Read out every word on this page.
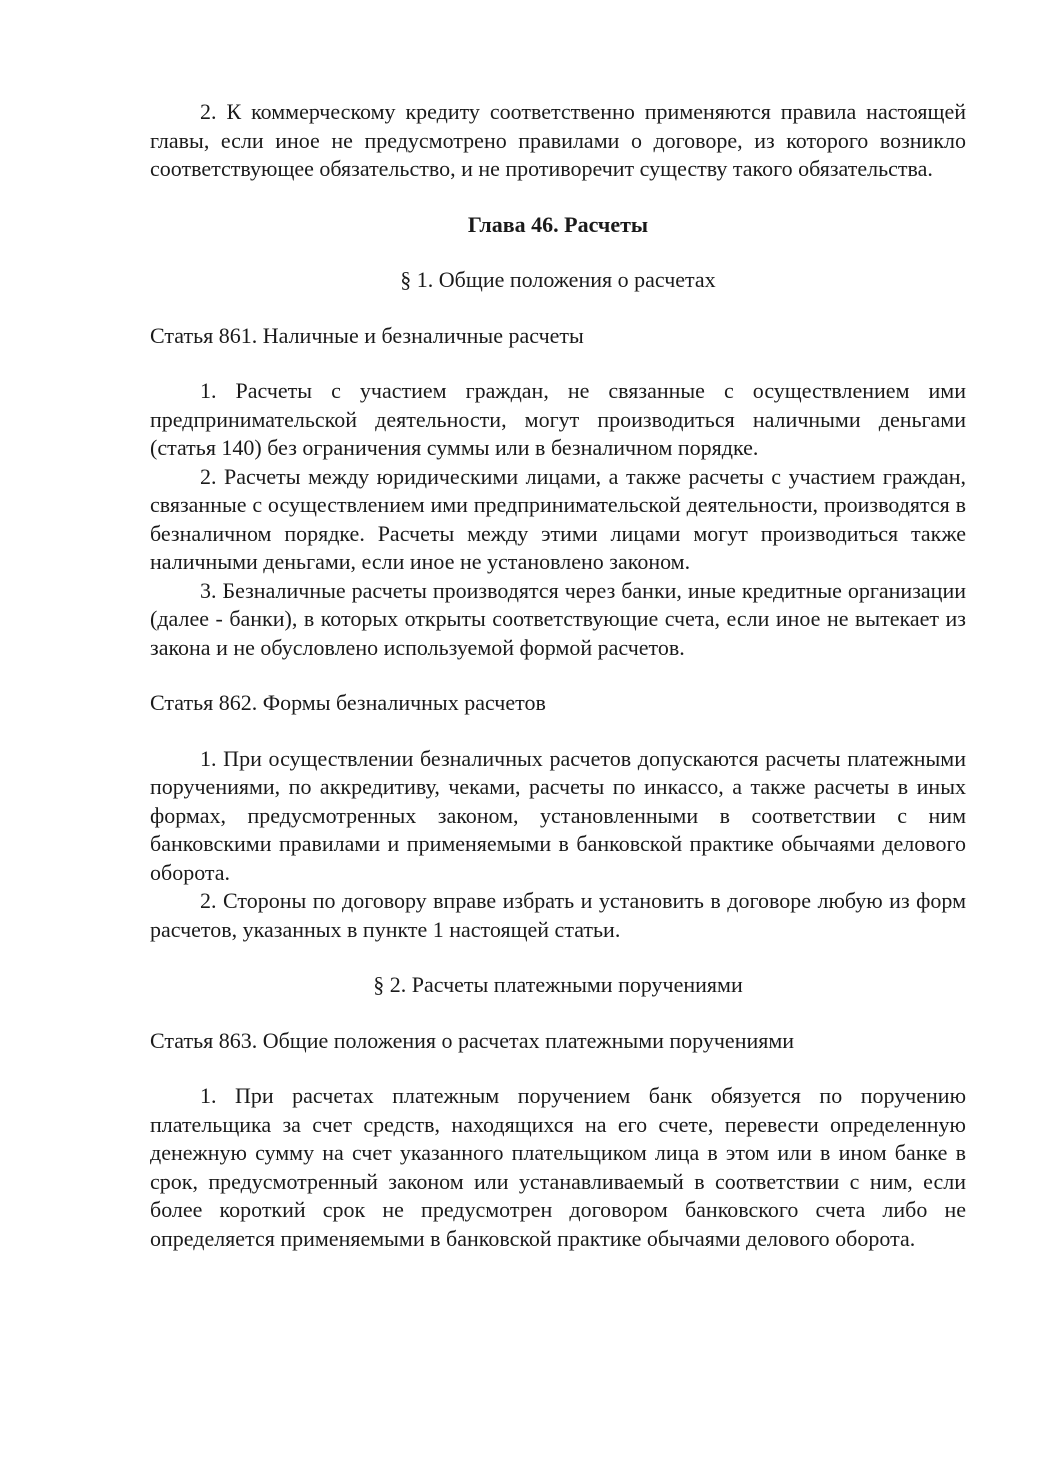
2. К коммерческому кредиту соответственно применяются правила настоящей главы, если иное не предусмотрено правилами о договоре, из которого возникло соответствующее обязательство, и не противоречит существу такого обязательства.

Глава 46. Расчеты

§ 1. Общие положения о расчетах

Статья 861. Наличные и безналичные расчеты

1. Расчеты с участием граждан, не связанные с осуществлением ими предпринимательской деятельности, могут производиться наличными деньгами (статья 140) без ограничения суммы или в безналичном порядке.

2. Расчеты между юридическими лицами, а также расчеты с участием граждан, связанные с осуществлением ими предпринимательской деятельности, производятся в безналичном порядке. Расчеты между этими лицами могут производиться также наличными деньгами, если иное не установлено законом.

3. Безналичные расчеты производятся через банки, иные кредитные организации (далее - банки), в которых открыты соответствующие счета, если иное не вытекает из закона и не обусловлено используемой формой расчетов.

Статья 862. Формы безналичных расчетов

1. При осуществлении безналичных расчетов допускаются расчеты платежными поручениями, по аккредитиву, чеками, расчеты по инкассо, а также расчеты в иных формах, предусмотренных законом, установленными в соответствии с ним банковскими правилами и применяемыми в банковской практике обычаями делового оборота.

2. Стороны по договору вправе избрать и установить в договоре любую из форм расчетов, указанных в пункте 1 настоящей статьи.

§ 2. Расчеты платежными поручениями

Статья 863. Общие положения о расчетах платежными поручениями

1. При расчетах платежным поручением банк обязуется по поручению плательщика за счет средств, находящихся на его счете, перевести определенную денежную сумму на счет указанного плательщиком лица в этом или в ином банке в срок, предусмотренный законом или устанавливаемый в соответствии с ним, если более короткий срок не предусмотрен договором банковского счета либо не определяется применяемыми в банковской практике обычаями делового оборота.
